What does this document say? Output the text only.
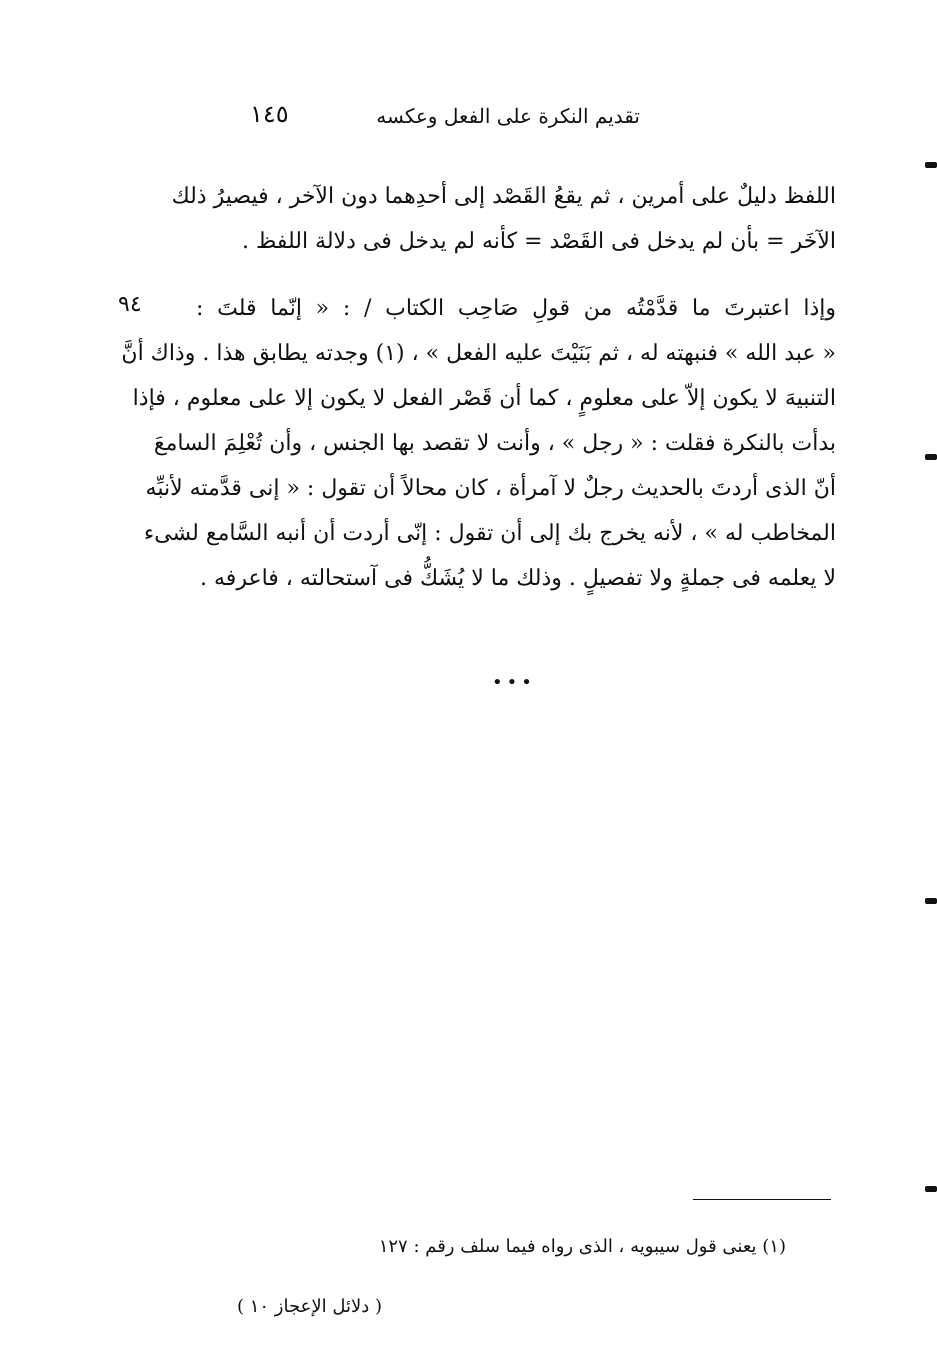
تقديم النكرة على الفعل وعكسه
١٤٥
اللفظ دليلٌ على أمرين ، ثم يقعُ القَصْد إلى أحدِهما دون الآخر ، فيصيرُ ذلك
الآخَر = بأن لم يدخل فى القَصْد = كأنه لم يدخل فى دلالة اللفظ .
٩٤ وإذا اعتبرتَ ما قدَّمْتُه من قولِ صَاحِب الكتاب / : « إنّما قلتَ :
« عبد الله » فنبهته له ، ثم بَنَيْتَ عليه الفعل » ، (١) وجدته يطابق هذا . وذاك أنَّ
التنبيهَ لا يكون إلاّ على معلومٍ ، كما أن قَصْر الفعل لا يكون إلا على معلوم ، فإذا
بدأت بالنكرة فقلت : « رجل » ، وأنت لا تقصد بها الجنس ، وأن تُعْلِمَ السامعَ
أنّ الذى أردتَ بالحديث رجلٌ لا آمرأة ، كان محالاً أن تقول : « إنى قدَّمته لأنبِّه
المخاطب له » ، لأنه يخرج بك إلى أن تقول : إنّى أردت أن أنبه السَّامع لشىء
لا يعلمه فى جملةٍ ولا تفصيلٍ . وذلك ما لا يُشَكُّ فى آستحالته ، فاعرفه .
•••
(١) يعنى قول سيبويه ، الذى رواه فيما سلف رقم : ١٢٧
( دلائل الإعجاز ١٠ )
